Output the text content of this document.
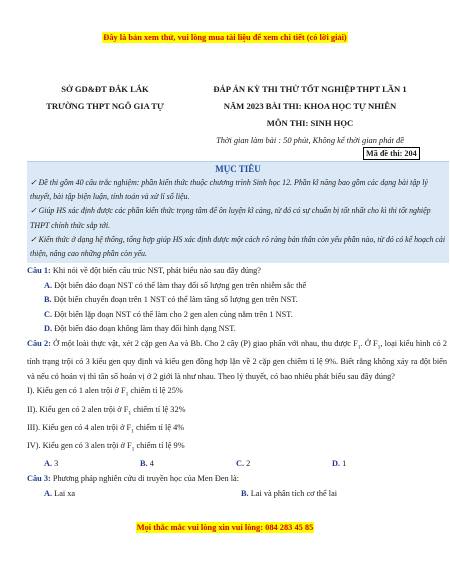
Đây là bản xem thử, vui lòng mua tài liệu để xem chi tiết (có lời giải)
SỞ GD&ĐT ĐẮK LẮK
TRƯỜNG THPT NGÔ GIA TỰ
ĐÁP ÁN KỲ THI THỬ TỐT NGHIỆP THPT LẦN 1
NĂM 2023 BÀI THI: KHOA HỌC TỰ NHIÊN
MÔN THI: SINH HỌC
Thời gian làm bài : 50 phút, Không kể thời gian phát đề
Mã đề thi: 204
MỤC TIÊU
✓ Đề thi gồm 40 câu trắc nghiệm: phần kiến thức thuộc chương trình Sinh học 12. Phần kĩ năng bao gồm các dạng bài tập lý thuyết, bài tập biện luận, tính toán và xử lí số liệu.
✓ Giúp HS xác định được các phần kiến thức trọng tâm để ôn luyện kĩ càng, từ đó có sự chuẩn bị tốt nhất cho kì thi tốt nghiệp THPT chính thức sắp tới.
✓ Kiến thức ở dạng hệ thống, tổng hợp giúp HS xác định được một cách rõ ràng bản thân còn yếu phần nào, từ đó có kế hoạch cải thiện, nâng cao những phần còn yếu.

Câu 1: Khi nói về đột biến cấu trúc NST, phát biểu nào sau đây đúng?

A. Đột biến đảo đoạn NST có thể làm thay đổi số lượng gen trên nhiễm sắc thể

B. Đột biến chuyển đoạn trên 1 NST có thể làm tăng số lượng gen trên NST.

C. Đột biến lặp đoạn NST có thể làm cho 2 gen alen cùng nằm trên 1 NST.

D. Đột biến đảo đoạn không làm thay đổi hình dạng NST.

Câu 2: Ở một loài thực vật, xét 2 cặp gen Aa và Bb. Cho 2 cây (P) giao phấn với nhau, thu được $F_1$. Ở $F_1$, loại kiểu hình có 2 tính trạng trội có 3 kiểu gen quy định và kiểu gen đồng hợp lặn về 2 cặp gen chiếm tỉ lệ 9%. Biết rằng không xảy ra đột biến và nếu có hoán vị thì tần số hoán vị ở 2 giới là như nhau. Theo lý thuyết, có bao nhiêu phát biểu sau đây đúng?

I). Kiểu gen có 1 alen trội ở $F_1$ chiếm tỉ lệ 25%

II). Kiểu gen có 2 alen trội ở $F_1$ chiếm tỉ lệ 32%

III). Kiểu gen có 4 alen trội ở $F_1$ chiếm tỉ lệ 4%

IV). Kiểu gen có 3 alen trội ở $F_1$ chiếm tỉ lệ 9%

A. 3	B. 4	C. 2	D. 1

Câu 3: Phương pháp nghiên cứu di truyền học của Men Đen là:

A. Lai xa	B. Lai và phân tích cơ thể lai
Mọi thắc mắc vui lòng xin vui lòng: 084 283 45 85
